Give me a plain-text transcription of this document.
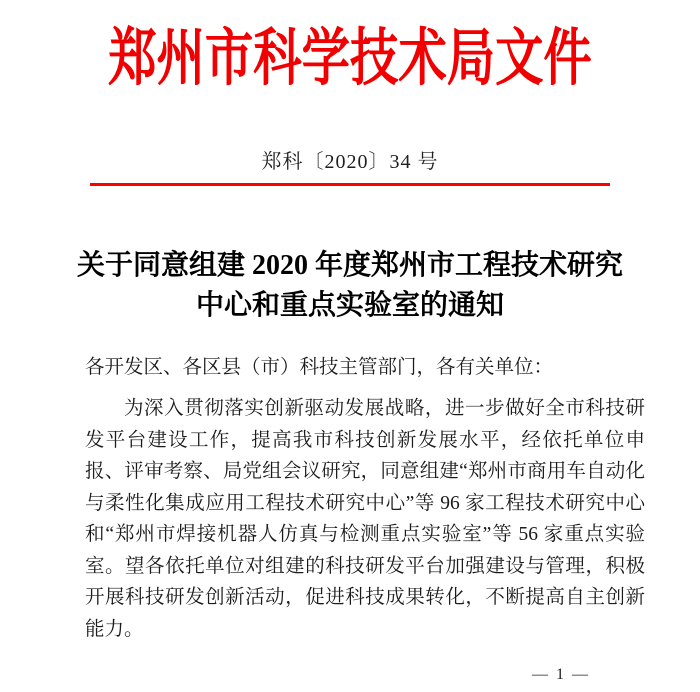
郑州市科学技术局文件
郑科〔2020〕34 号
关于同意组建 2020 年度郑州市工程技术研究
中心和重点实验室的通知

各开发区、各区县（市）科技主管部门，各有关单位：

为深入贯彻落实创新驱动发展战略，进一步做好全市科技研发平台建设工作，提高我市科技创新发展水平，经依托单位申报、评审考察、局党组会议研究，同意组建“郑州市商用车自动化与柔性化集成应用工程技术研究中心”等 96 家工程技术研究中心和“郑州市焊接机器人仿真与检测重点实验室”等 56 家重点实验室。望各依托单位对组建的科技研发平台加强建设与管理，积极开展科技研发创新活动，促进科技成果转化，不断提高自主创新能力。

— 1 —
